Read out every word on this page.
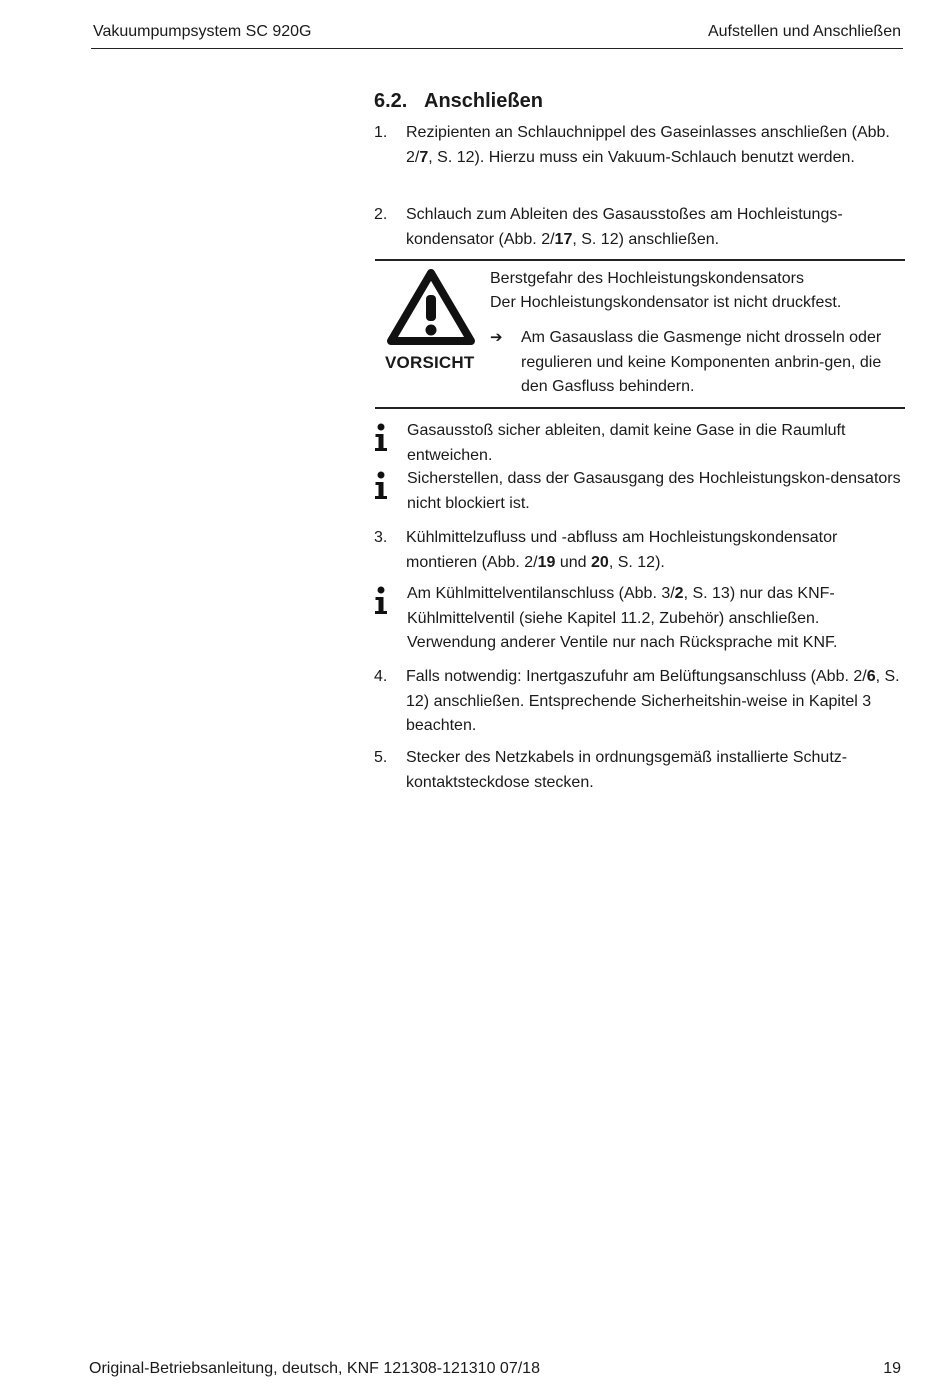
Vakuumpumpsystem SC 920G	Aufstellen und Anschließen
6.2. Anschließen
1.	Rezipienten an Schlauchnippel des Gaseinlasses anschließen (Abb. 2/7, S. 12). Hierzu muss ein Vakuum-Schlauch benutzt werden.
2.	Schlauch zum Ableiten des Gasausstoßes am Hochleistungs-kondensator (Abb. 2/17, S. 12) anschließen.
VORSICHT
Berstgefahr des Hochleistungskondensators
Der Hochleistungskondensator ist nicht druckfest.
➔ Am Gasauslass die Gasmenge nicht drosseln oder regulieren und keine Komponenten anbrin-gen, die den Gasfluss behindern.
Gasausstoß sicher ableiten, damit keine Gase in die Raumluft entweichen.
Sicherstellen, dass der Gasausgang des Hochleistungskon-densators nicht blockiert ist.
3.	Kühlmittelzufluss und -abfluss am Hochleistungskondensator montieren (Abb. 2/19 und 20, S. 12).
Am Kühlmittelventilanschluss (Abb. 3/2, S. 13) nur das KNF-Kühlmittelventil (siehe Kapitel 11.2, Zubehör) anschließen. Verwendung anderer Ventile nur nach Rücksprache mit KNF.
4.	Falls notwendig: Inertgaszufuhr am Belüftungsanschluss (Abb. 2/6, S. 12) anschließen. Entsprechende Sicherheitshin-weise in Kapitel 3 beachten.
5.	Stecker des Netzkabels in ordnungsgemäß installierte Schutz-kontaktsteckdose stecken.
Original-Betriebsanleitung, deutsch, KNF 121308-121310 07/18	19
